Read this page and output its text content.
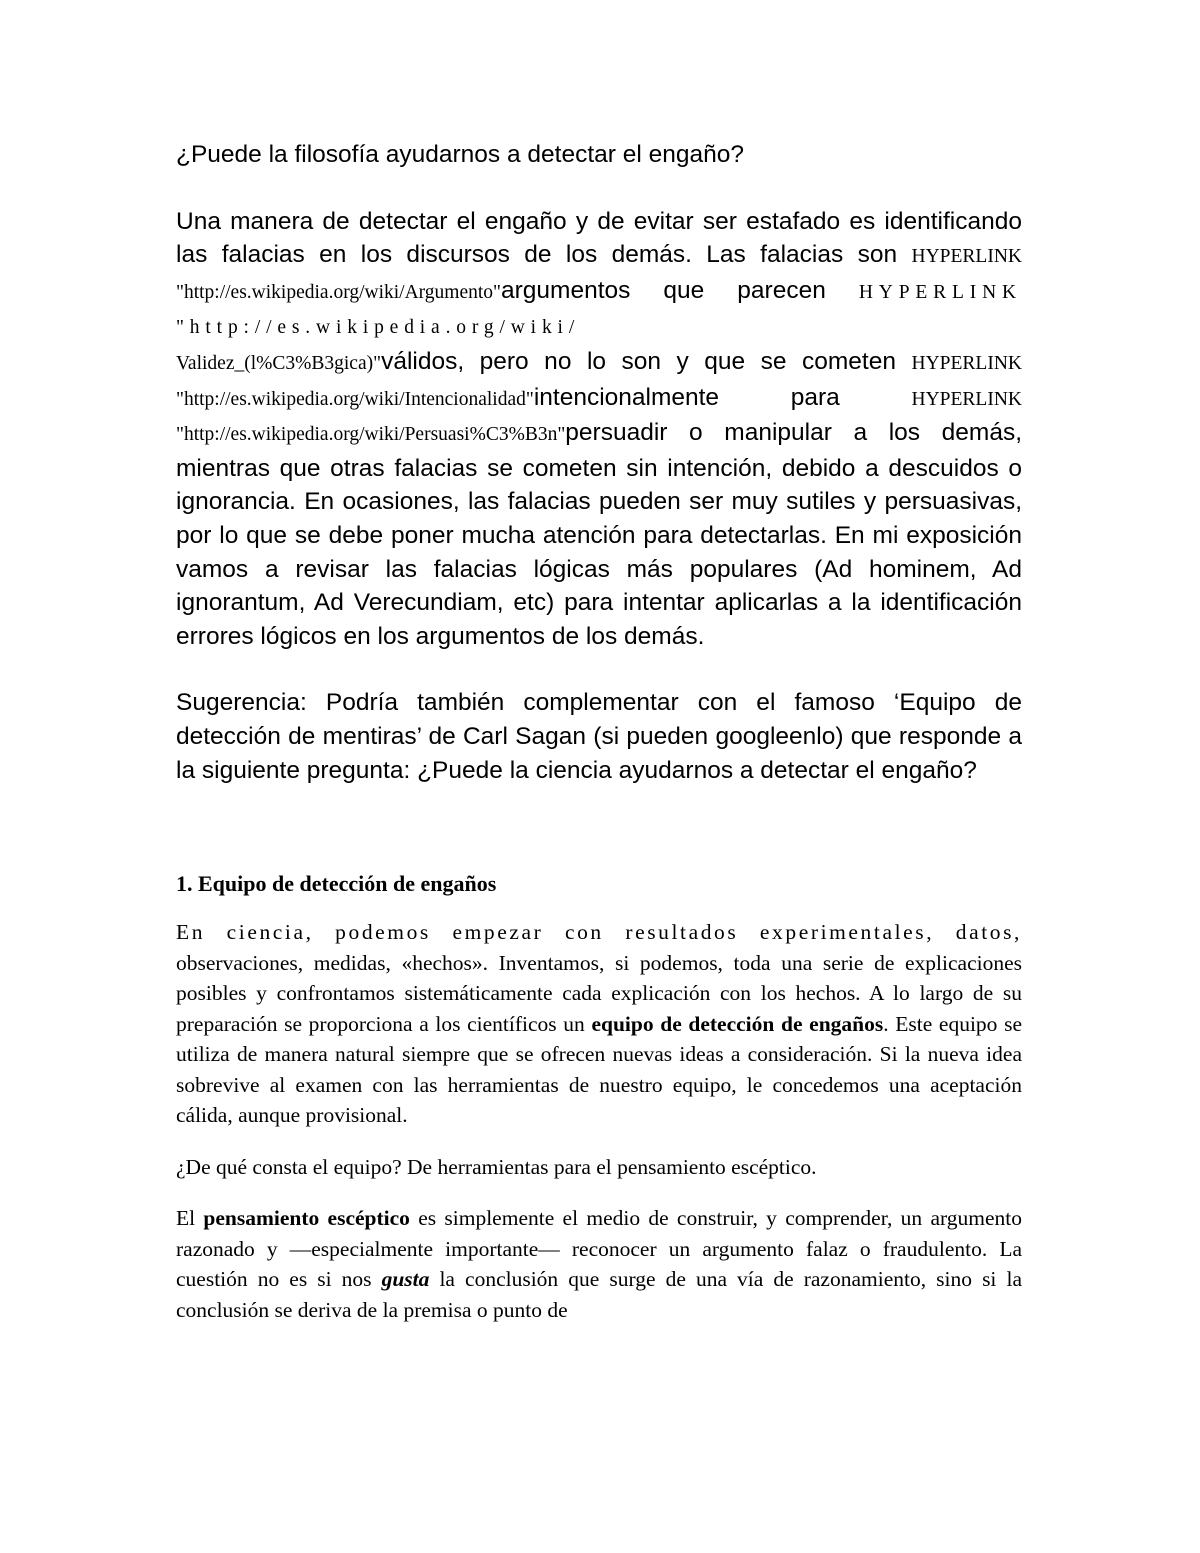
¿Puede la filosofía ayudarnos a detectar el engaño?

Una manera de detectar el engaño y de evitar ser estafado es identificando las falacias en los discursos de los demás. Las falacias son HYPERLINK "http://es.wikipedia.org/wiki/Argumento"argumentos que parecen HYPERLINK "http://es.wikipedia.org/wiki/
Validez_(l%C3%B3gica)"válidos, pero no lo son y que se cometen HYPERLINK "http://es.wikipedia.org/wiki/Intencionalidad"intencionalmente para HYPERLINK "http://es.wikipedia.org/wiki/Persuasi%C3%B3n"persuadir o manipular a los demás, mientras que otras falacias se cometen sin intención, debido a descuidos o ignorancia. En ocasiones, las falacias pueden ser muy sutiles y persuasivas, por lo que se debe poner mucha atención para detectarlas. En mi exposición vamos a revisar las falacias lógicas más populares (Ad hominem, Ad ignorantum, Ad Verecundiam, etc) para intentar aplicarlas a la identificación errores lógicos en los argumentos de los demás.

Sugerencia: Podría también complementar con el famoso ‘Equipo de detección de mentiras’ de Carl Sagan (si pueden googleenlo) que responde a la siguiente pregunta: ¿Puede la ciencia ayudarnos a detectar el engaño?

1. Equipo de detección de engaños

En ciencia, podemos empezar con resultados experimentales, datos, observaciones, medidas, «hechos». Inventamos, si podemos, toda una serie de explicaciones posibles y confrontamos sistemáticamente cada explicación con los hechos. A lo largo de su preparación se proporciona a los científicos un equipo de detección de engaños. Este equipo se utiliza de manera natural siempre que se ofrecen nuevas ideas a consideración. Si la nueva idea sobrevive al examen con las herramientas de nuestro equipo, le concedemos una aceptación cálida, aunque provisional.

¿De qué consta el equipo? De herramientas para el pensamiento escéptico.

El pensamiento escéptico es simplemente el medio de construir, y comprender, un argumento razonado y —especialmente importante— reconocer un argumento falaz o fraudulento. La cuestión no es si nos gusta la conclusión que surge de una vía de razonamiento, sino si la conclusión se deriva de la premisa o punto de
